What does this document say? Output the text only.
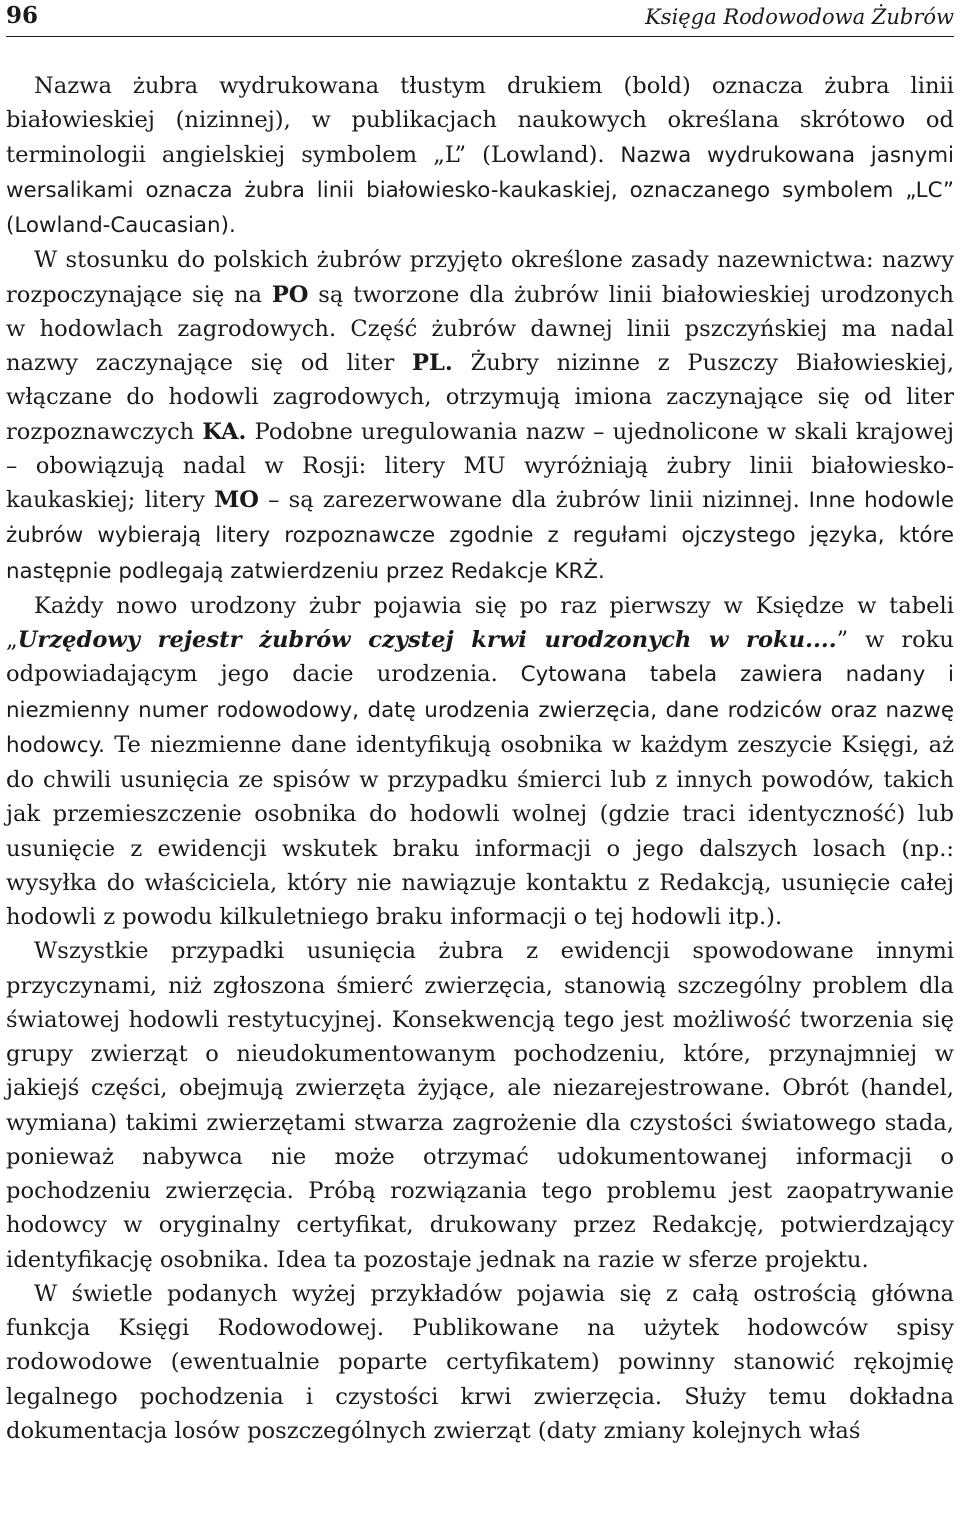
96	Księga Rodowodowa Żubrów

Nazwa żubra wydrukowana tłustym drukiem (bold) oznacza żubra linii białowieskiej (nizinnej), w publikacjach naukowych określana skrótowo od terminologii angielskiej symbolem „L” (Lowland). Nazwa wydrukowana jasnymi wersalikami oznacza żubra linii białowiesko-kaukaskiej, oznaczanego symbolem „LC” (Lowland-Caucasian).

W stosunku do polskich żubrów przyjęto określone zasady nazewnictwa: nazwy rozpoczynające się na PO są tworzone dla żubrów linii białowieskiej urodzonych w hodowlach zagrodowych. Część żubrów dawnej linii pszczyńskiej ma nadal nazwy zaczynające się od liter PL. Żubry nizinne z Puszczy Białowieskiej, włączane do hodowli zagrodowych, otrzymują imiona zaczynające się od liter rozpoznawczych KA. Podobne uregulowania nazw – ujednolicone w skali krajowej – obowiązują nadal w Rosji: litery MU wyróżniają żubry linii białowiesko-kaukaskiej; litery MO – są zarezerwowane dla żubrów linii nizinnej. Inne hodowle żubrów wybierają litery rozpoznawcze zgodnie z regułami ojczystego języka, które następnie podlegają zatwierdzeniu przez Redakcje KRŻ.

Każdy nowo urodzony żubr pojawia się po raz pierwszy w Księdze w tabeli „Urzędowy rejestr żubrów czystej krwi urodzonych w roku....” w roku odpowiadającym jego dacie urodzenia. Cytowana tabela zawiera nadany i niezmienny numer rodowodowy, datę urodzenia zwierzęcia, dane rodziców oraz nazwę hodowcy. Te niezmienne dane identyfikują osobnika w każdym zeszycie Księgi, aż do chwili usunięcia ze spisów w przypadku śmierci lub z innych powodów, takich jak przemieszczenie osobnika do hodowli wolnej (gdzie traci identyczność) lub usunięcie z ewidencji wskutek braku informacji o jego dalszych losach (np.: wysyłka do właściciela, który nie nawiązuje kontaktu z Redakcją, usunięcie całej hodowli z powodu kilkuletniego braku informacji o tej hodowli itp.).

Wszystkie przypadki usunięcia żubra z ewidencji spowodowane innymi przyczynami, niż zgłoszona śmierć zwierzęcia, stanowią szczególny problem dla światowej hodowli restytucyjnej. Konsekwencją tego jest możliwość tworzenia się grupy zwierząt o nieudokumentowanym pochodzeniu, które, przynajmniej w jakiejś części, obejmują zwierzęta żyjące, ale niezarejestrowane. Obrót (handel, wymiana) takimi zwierzętami stwarza zagrożenie dla czystości światowego stada, ponieważ nabywca nie może otrzymać udokumentowanej informacji o pochodzeniu zwierzęcia. Próbą rozwiązania tego problemu jest zaopatrywanie hodowcy w oryginalny certyfikat, drukowany przez Redakcję, potwierdzający identyfikację osobnika. Idea ta pozostaje jednak na razie w sferze projektu.

W świetle podanych wyżej przykładów pojawia się z całą ostrością główna funkcja Księgi Rodowodowej. Publikowane na użytek hodowców spisy rodowodowe (ewentualnie poparte certyfikatem) powinny stanowić rękojmię legalnego pochodzenia i czystości krwi zwierzęcia. Służy temu dokładna dokumentacja losów poszczególnych zwierząt (daty zmiany kolejnych właś
